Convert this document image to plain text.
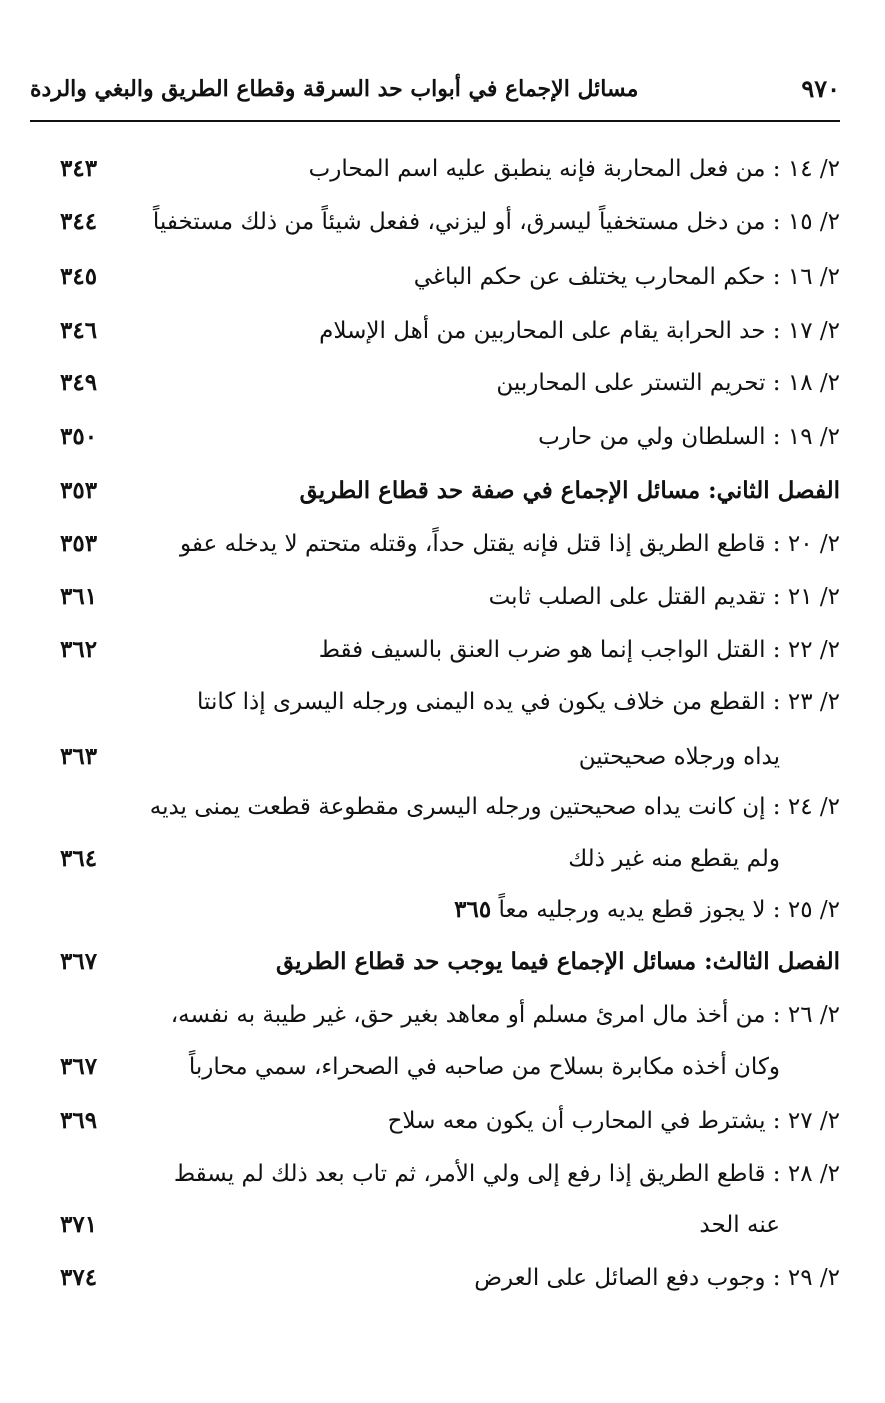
٩٧٠
مسائل الإجماع في أبواب حد السرقة وقطاع الطريق والبغي والردة
٢/ ١٤ : من فعل المحاربة فإنه ينطبق عليه اسم المحارب
٣٤٣
٢/ ١٥ : من دخل مستخفياً ليسرق، أو ليزني، ففعل شيئاً من ذلك مستخفياً
٣٤٤
٢/ ١٦ : حكم المحارب يختلف عن حكم الباغي
٣٤٥
٢/ ١٧ : حد الحرابة يقام على المحاربين من أهل الإسلام
٣٤٦
٢/ ١٨ : تحريم التستر على المحاربين
٣٤٩
٢/ ١٩ : السلطان ولي من حارب
٣٥٠
الفصل الثاني: مسائل الإجماع في صفة حد قطاع الطريق
٣٥٣
٢/ ٢٠ : قاطع الطريق إذا قتل فإنه يقتل حداً، وقتله متحتم لا يدخله عفو
٣٥٣
٢/ ٢١ : تقديم القتل على الصلب ثابت
٣٦١
٢/ ٢٢ : القتل الواجب إنما هو ضرب العنق بالسيف فقط
٣٦٢
٢/ ٢٣ : القطع من خلاف يكون في يده اليمنى ورجله اليسرى إذا كانتا
يداه ورجلاه صحيحتين
٣٦٣
٢/ ٢٤ : إن كانت يداه صحيحتين ورجله اليسرى مقطوعة قطعت يمنى يديه
ولم يقطع منه غير ذلك
٣٦٤
٢/ ٢٥ : لا يجوز قطع يديه ورجليه معاً ٣٦٥
الفصل الثالث: مسائل الإجماع فيما يوجب حد قطاع الطريق
٣٦٧
٢/ ٢٦ : من أخذ مال امرئ مسلم أو معاهد بغير حق، غير طيبة به نفسه،
وكان أخذه مكابرة بسلاح من صاحبه في الصحراء، سمي محارباً
٣٦٧
٢/ ٢٧ : يشترط في المحارب أن يكون معه سلاح
٣٦٩
٢/ ٢٨ : قاطع الطريق إذا رفع إلى ولي الأمر، ثم تاب بعد ذلك لم يسقط
عنه الحد
٣٧١
٢/ ٢٩ : وجوب دفع الصائل على العرض
٣٧٤
